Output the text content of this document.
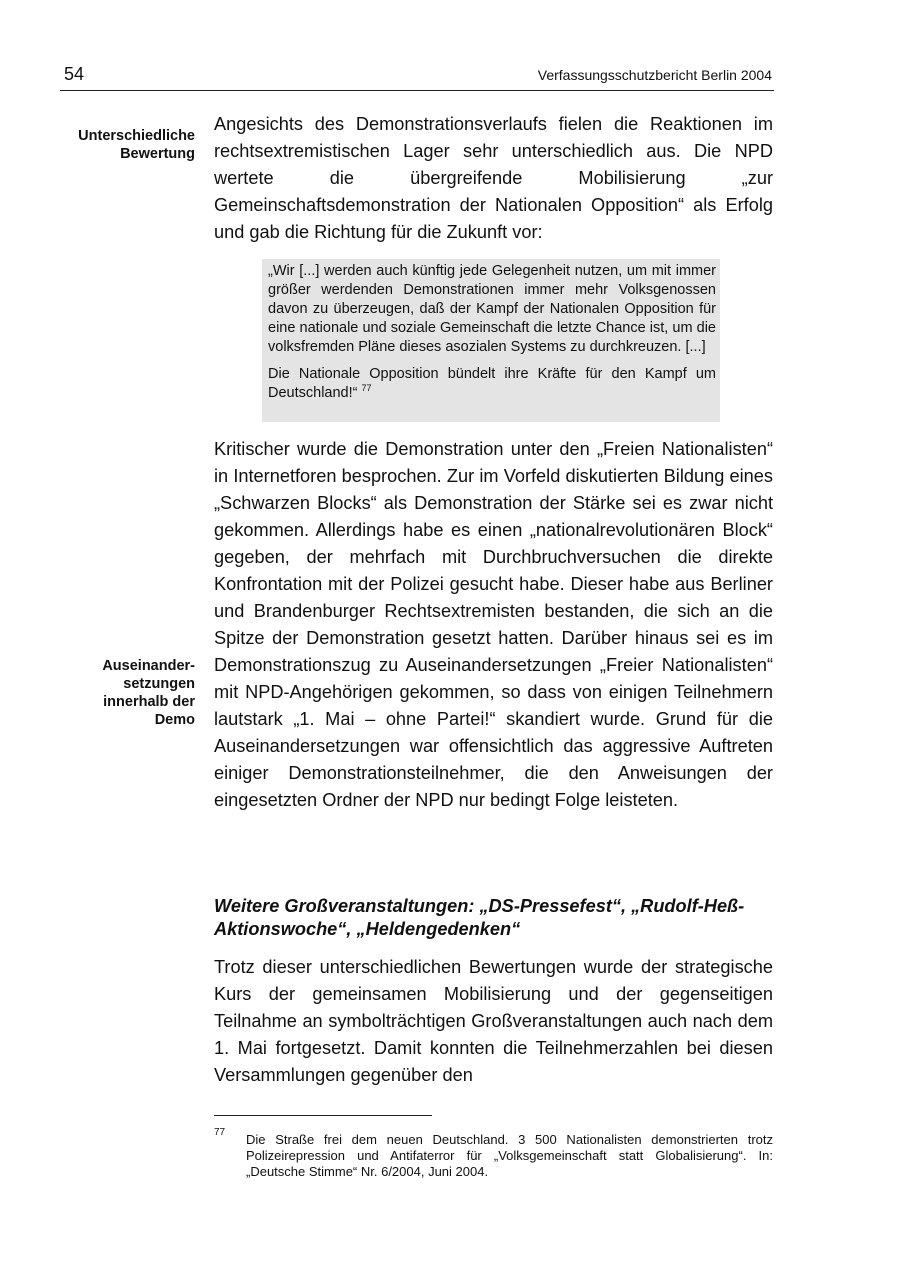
54	Verfassungsschutzbericht Berlin 2004
Unterschiedliche Bewertung
Angesichts des Demonstrationsverlaufs fielen die Reaktionen im rechtsextremistischen Lager sehr unterschiedlich aus. Die NPD wertete die übergreifende Mobilisierung „zur Gemeinschaftsdemonstration der Nationalen Opposition“ als Erfolg und gab die Richtung für die Zukunft vor:

„Wir [...] werden auch künftig jede Gelegenheit nutzen, um mit immer größer werdenden Demonstrationen immer mehr Volksgenossen davon zu überzeugen, daß der Kampf der Nationalen Opposition für eine nationale und soziale Gemeinschaft die letzte Chance ist, um die volksfremden Pläne dieses asozialen Systems zu durchkreuzen. [...]

Die Nationale Opposition bündelt ihre Kräfte für den Kampf um Deutschland!“ $^{77}$

Kritischer wurde die Demonstration unter den „Freien Nationalisten“ in Internetforen besprochen. Zur im Vorfeld diskutierten Bildung eines „Schwarzen Blocks“ als Demonstration der Stärke sei es zwar nicht gekommen. Allerdings habe es einen „nationalrevolutionären Block“ gegeben, der mehrfach mit Durchbruchversuchen die direkte Konfrontation mit der Polizei gesucht habe. Dieser habe aus Berliner und Brandenburger Rechtsextremisten bestanden, die sich an die Spitze der Demonstration gesetzt hatten. Darüber hinaus sei es im Demonstrationszug zu Auseinandersetzungen „Freier Nationalisten“ mit NPD-Angehörigen gekommen, so dass von einigen Teilnehmern lautstark „1. Mai – ohne Partei!“ skandiert wurde. Grund für die Auseinandersetzungen war offensichtlich das aggressive Auftreten einiger Demonstrationsteilnehmer, die den Anweisungen der eingesetzten Ordner der NPD nur bedingt Folge leisteten.
Auseinander-setzungen innerhalb der Demo
Weitere Großveranstaltungen: „DS-Pressefest“, „Rudolf-Heß-Aktionswoche“, „Heldengedenken“
Trotz dieser unterschiedlichen Bewertungen wurde der strategische Kurs der gemeinsamen Mobilisierung und der gegenseitigen Teilnahme an symbolträchtigen Großveranstaltungen auch nach dem 1. Mai fortgesetzt. Damit konnten die Teilnehmerzahlen bei diesen Versammlungen gegenüber den
77 Die Straße frei dem neuen Deutschland. 3 500 Nationalisten demonstrierten trotz Polizeirepression und Antifaterror für „Volksgemeinschaft statt Globalisierung“. In: „Deutsche Stimme“ Nr. 6/2004, Juni 2004.
